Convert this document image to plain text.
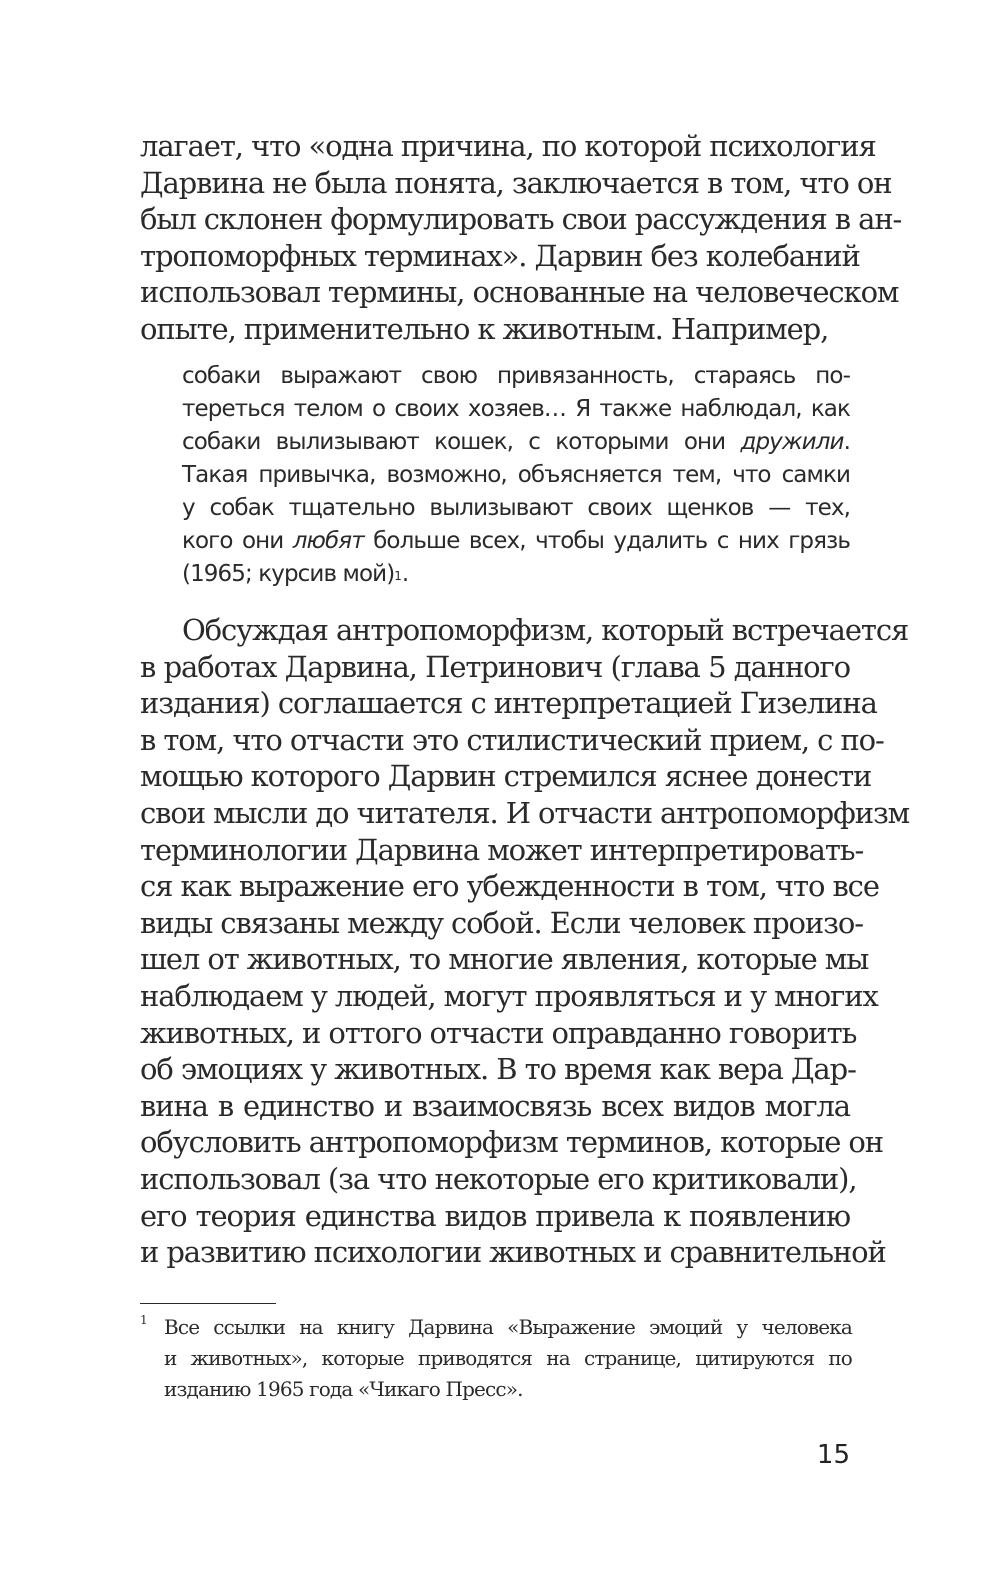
лагает, что «одна причина, по которой психология
Дарвина не была понята, заключается в том, что он
был склонен формулировать свои рассуждения в ан-
тропоморфных терминах». Дарвин без колебаний
использовал термины, основанные на человеческом
опыте, применительно к животным. Например,
собаки выражают свою привязанность, стараясь по-
тереться телом о своих хозяев… Я также наблюдал, как
собаки вылизывают кошек, с которыми они дружили.
Такая привычка, возможно, объясняется тем, что самки
у собак тщательно вылизывают своих щенков — тех,
кого они любят больше всех, чтобы удалить с них грязь
(1965; курсив мой)$^1$.
Обсуждая антропоморфизм, который встречается
в работах Дарвина, Петринович (глава 5 данного
издания) соглашается с интерпретацией Гизелина
в том, что отчасти это стилистический прием, с по-
мощью которого Дарвин стремился яснее донести
свои мысли до читателя. И отчасти антропоморфизм
терминологии Дарвина может интерпретировать-
ся как выражение его убежденности в том, что все
виды связаны между собой. Если человек произо-
шел от животных, то многие явления, которые мы
наблюдаем у людей, могут проявляться и у многих
животных, и оттого отчасти оправданно говорить
об эмоциях у животных. В то время как вера Дар-
вина в единство и взаимосвязь всех видов могла
обусловить антропоморфизм терминов, которые он
использовал (за что некоторые его критиковали),
его теория единства видов привела к появлению
и развитию психологии животных и сравнительной
1 Все ссылки на книгу Дарвина «Выражение эмоций у человека
и животных», которые приводятся на странице, цитируются по
изданию 1965 года «Чикаго Пресс».
15
